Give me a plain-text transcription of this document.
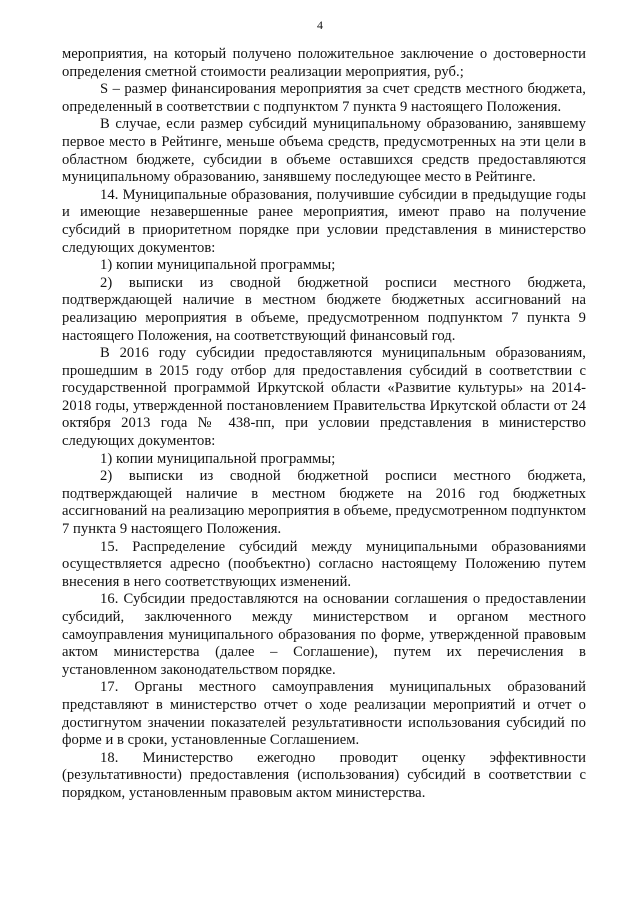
4

мероприятия, на который получено положительное заключение о достоверности определения сметной стоимости реализации мероприятия, руб.;

S – размер финансирования мероприятия за счет средств местного бюджета, определенный в соответствии с подпунктом 7 пункта 9 настоящего Положения.

В случае, если размер субсидий муниципальному образованию, занявшему первое место в Рейтинге, меньше объема средств, предусмотренных на эти цели в областном бюджете, субсидии в объеме оставшихся средств предоставляются муниципальному образованию, занявшему последующее место в Рейтинге.

14. Муниципальные образования, получившие субсидии в предыдущие годы и имеющие незавершенные ранее мероприятия, имеют право на получение субсидий в приоритетном порядке при условии представления в министерство следующих документов:

1) копии муниципальной программы;

2) выписки из сводной бюджетной росписи местного бюджета, подтверждающей наличие в местном бюджете бюджетных ассигнований на реализацию мероприятия в объеме, предусмотренном подпунктом 7 пункта 9 настоящего Положения, на соответствующий финансовый год.

В 2016 году субсидии предоставляются муниципальным образованиям, прошедшим в 2015 году отбор для предоставления субсидий в соответствии с государственной программой Иркутской области «Развитие культуры» на 2014-2018 годы, утвержденной постановлением Правительства Иркутской области от 24 октября 2013 года № 438-пп, при условии представления в министерство следующих документов:

1) копии муниципальной программы;

2) выписки из сводной бюджетной росписи местного бюджета, подтверждающей наличие в местном бюджете на 2016 год бюджетных ассигнований на реализацию мероприятия в объеме, предусмотренном подпунктом 7 пункта 9 настоящего Положения.

15. Распределение субсидий между муниципальными образованиями осуществляется адресно (пообъектно) согласно настоящему Положению путем внесения в него соответствующих изменений.

16. Субсидии предоставляются на основании соглашения о предоставлении субсидий, заключенного между министерством и органом местного самоуправления муниципального образования по форме, утвержденной правовым актом министерства (далее – Соглашение), путем их перечисления в установленном законодательством порядке.

17. Органы местного самоуправления муниципальных образований представляют в министерство отчет о ходе реализации мероприятий и отчет о достигнутом значении показателей результативности использования субсидий по форме и в сроки, установленные Соглашением.

18. Министерство ежегодно проводит оценку эффективности (результативности) предоставления (использования) субсидий в соответствии с порядком, установленным правовым актом министерства.
